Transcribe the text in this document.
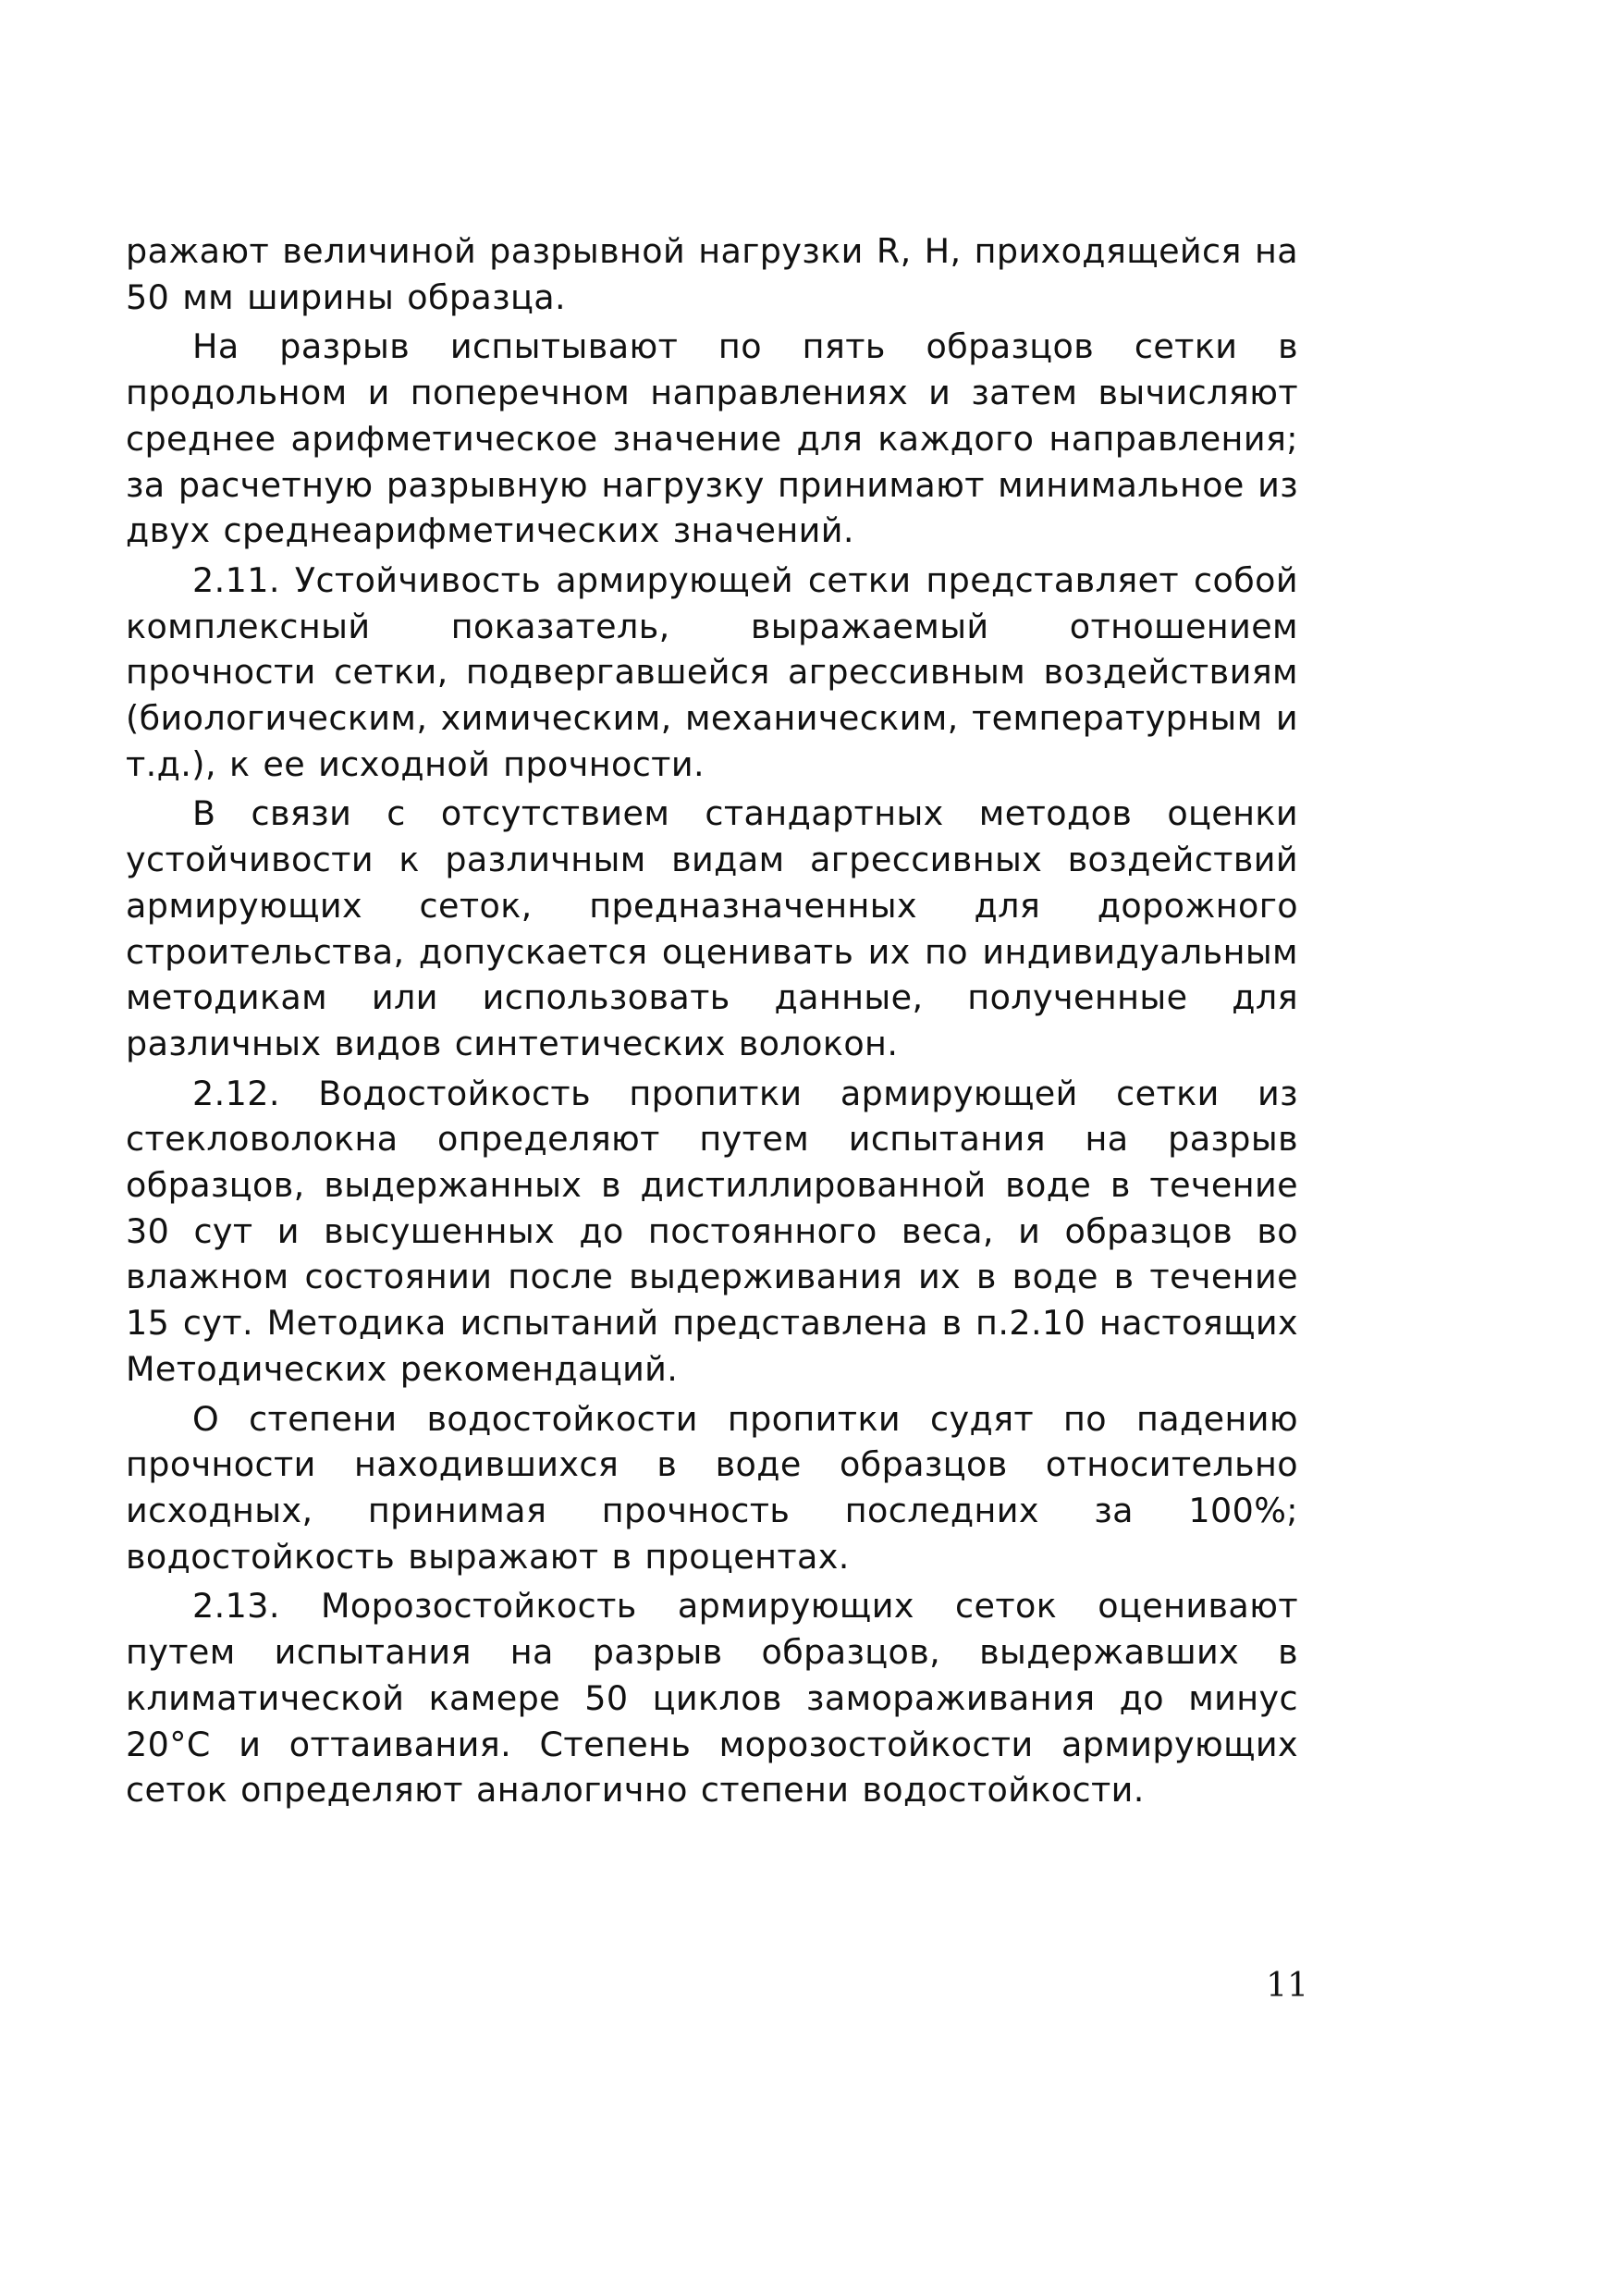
ражают величиной разрывной нагрузки R, Н, приходящейся на 50 мм ширины образца.

На разрыв испытывают по пять образцов сетки в продольном и поперечном направлениях и затем вычисляют среднее арифметическое значение для каждого направления; за расчетную разрывную нагрузку принимают минимальное из двух среднеарифметических значений.

2.11. Устойчивость армирующей сетки представляет собой комплексный показатель, выражаемый отношением прочности сетки, подвергавшейся агрессивным воздействиям (биологическим, химическим, механическим, температурным и т.д.), к ее исходной прочности.

В связи с отсутствием стандартных методов оценки устойчивости к различным видам агрессивных воздействий армирующих сеток, предназначенных для дорожного строительства, допускается оценивать их по индивидуальным методикам или использовать данные, полученные для различных видов синтетических волокон.

2.12. Водостойкость пропитки армирующей сетки из стекловолокна определяют путем испытания на разрыв образцов, выдержанных в дистиллированной воде в течение 30 сут и высушенных до постоянного веса, и образцов во влажном состоянии после выдерживания их в воде в течение 15 сут. Методика испытаний представлена в п.2.10 настоящих Методических рекомендаций.

О степени водостойкости пропитки судят по падению прочности находившихся в воде образцов относительно исходных, принимая прочность последних за 100%; водостойкость выражают в процентах.

2.13. Морозостойкость армирующих сеток оценивают путем испытания на разрыв образцов, выдержавших в климатической камере 50 циклов замораживания до минус 20°С и оттаивания. Степень морозостойкости армирующих сеток определяют аналогично степени водостойкости.

11
